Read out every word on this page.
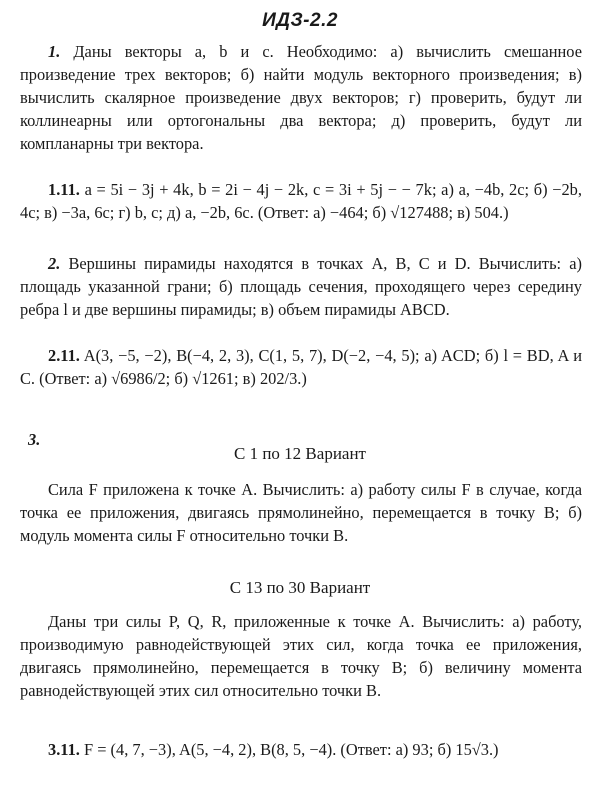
ИДЗ-2.2
1. Даны векторы a, b и c. Необходимо: а) вычислить смешанное произведение трех векторов; б) найти модуль векторного произведения; в) вычислить скалярное произведение двух векторов; г) проверить, будут ли коллинеарны или ортогональны два вектора; д) проверить, будут ли компланарны три вектора.
1.11. a = 5i − 3j + 4k, b = 2i − 4j − 2k, c = 3i + 5j − − 7k; а) a, −4b, 2c; б) −2b, 4c; в) −3a, 6c; г) b, c; д) a, −2b, 6c. (Ответ: а) −464; б) √127488; в) 504.)
2. Вершины пирамиды находятся в точках A, B, C и D. Вычислить: а) площадь указанной грани; б) площадь сечения, проходящего через середину ребра l и две вершины пирамиды; в) объем пирамиды ABCD.
2.11. A(3, −5, −2), B(−4, 2, 3), C(1, 5, 7), D(−2, −4, 5); а) ACD; б) l = BD, A и C. (Ответ: а) √6986/2; б) √1261; в) 202/3.)
3.
С 1 по 12 Вариант
Сила F приложена к точке A. Вычислить: а) работу силы F в случае, когда точка ее приложения, двигаясь прямолинейно, перемещается в точку B; б) модуль момента силы F относительно точки B.
С 13 по 30 Вариант
Даны три силы P, Q, R, приложенные к точке A. Вычислить: а) работу, производимую равнодействующей этих сил, когда точка ее приложения, двигаясь прямолинейно, перемещается в точку B; б) величину момента равнодействующей этих сил относительно точки B.
3.11. F = (4, 7, −3), A(5, −4, 2), B(8, 5, −4). (Ответ: а) 93; б) 15√3.)
